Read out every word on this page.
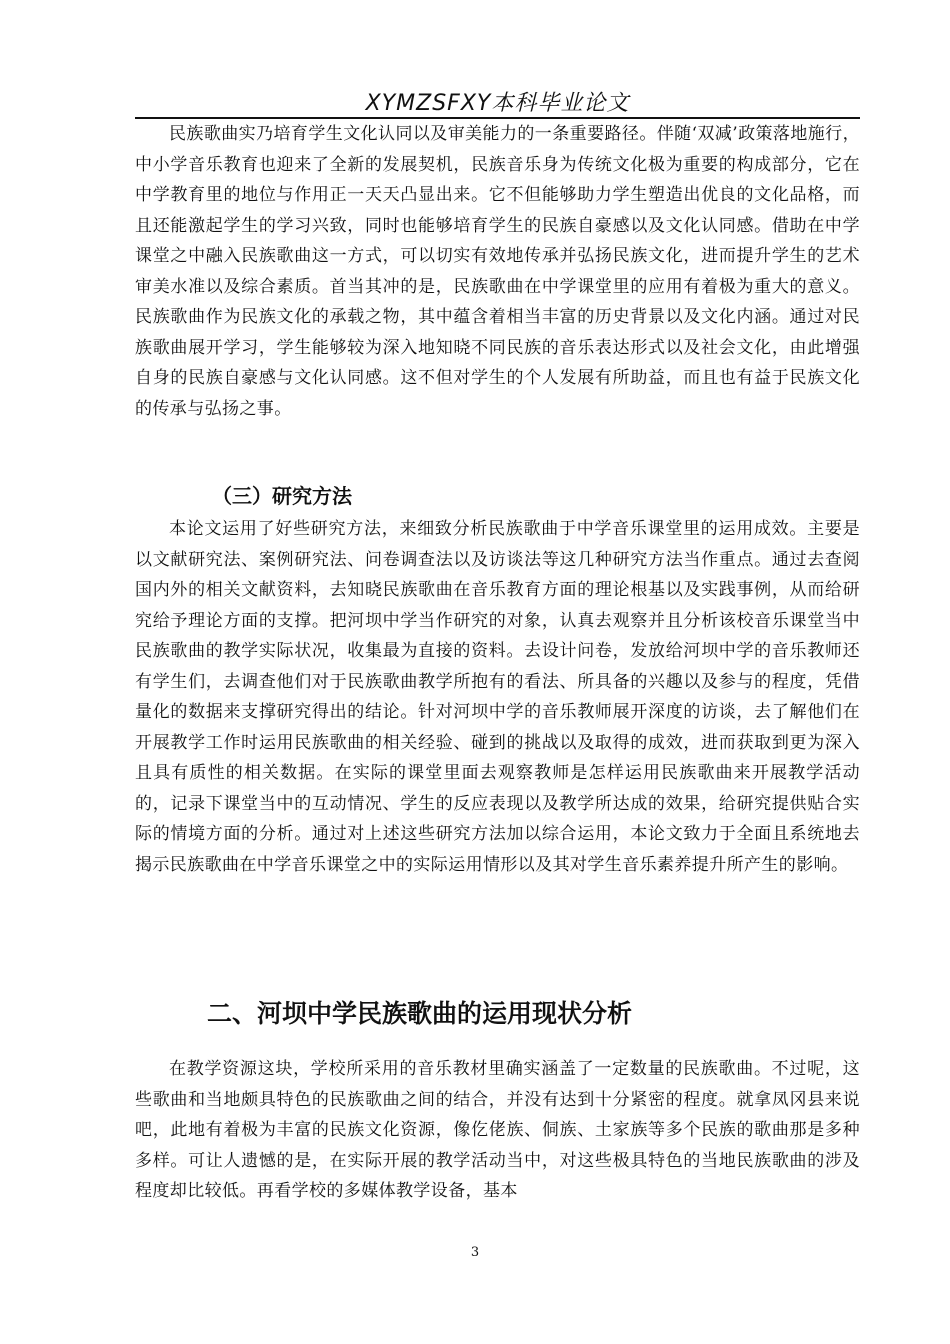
XYMZSFXY本科毕业论文

民族歌曲实乃培育学生文化认同以及审美能力的一条重要路径。伴随‘双减’政策落地施行，中小学音乐教育也迎来了全新的发展契机，民族音乐身为传统文化极为重要的构成部分，它在中学教育里的地位与作用正一天天凸显出来。它不但能够助力学生塑造出优良的文化品格，而且还能激起学生的学习兴致，同时也能够培育学生的民族自豪感以及文化认同感。借助在中学课堂之中融入民族歌曲这一方式，可以切实有效地传承并弘扬民族文化，进而提升学生的艺术审美水准以及综合素质。首当其冲的是，民族歌曲在中学课堂里的应用有着极为重大的意义。民族歌曲作为民族文化的承载之物，其中蕴含着相当丰富的历史背景以及文化内涵。通过对民族歌曲展开学习，学生能够较为深入地知晓不同民族的音乐表达形式以及社会文化，由此增强自身的民族自豪感与文化认同感。这不但对学生的个人发展有所助益，而且也有益于民族文化的传承与弘扬之事。

（三）研究方法

本论文运用了好些研究方法，来细致分析民族歌曲于中学音乐课堂里的运用成效。主要是以文献研究法、案例研究法、问卷调查法以及访谈法等这几种研究方法当作重点。通过去查阅国内外的相关文献资料，去知晓民族歌曲在音乐教育方面的理论根基以及实践事例，从而给研究给予理论方面的支撑。把河坝中学当作研究的对象，认真去观察并且分析该校音乐课堂当中民族歌曲的教学实际状况，收集最为直接的资料。去设计问卷，发放给河坝中学的音乐教师还有学生们，去调查他们对于民族歌曲教学所抱有的看法、所具备的兴趣以及参与的程度，凭借量化的数据来支撑研究得出的结论。针对河坝中学的音乐教师展开深度的访谈，去了解他们在开展教学工作时运用民族歌曲的相关经验、碰到的挑战以及取得的成效，进而获取到更为深入且具有质性的相关数据。在实际的课堂里面去观察教师是怎样运用民族歌曲来开展教学活动的，记录下课堂当中的互动情况、学生的反应表现以及教学所达成的效果，给研究提供贴合实际的情境方面的分析。通过对上述这些研究方法加以综合运用，本论文致力于全面且系统地去揭示民族歌曲在中学音乐课堂之中的实际运用情形以及其对学生音乐素养提升所产生的影响。

二、河坝中学民族歌曲的运用现状分析

在教学资源这块，学校所采用的音乐教材里确实涵盖了一定数量的民族歌曲。不过呢，这些歌曲和当地颇具特色的民族歌曲之间的结合，并没有达到十分紧密的程度。就拿凤冈县来说吧，此地有着极为丰富的民族文化资源，像仡佬族、侗族、土家族等多个民族的歌曲那是多种多样。可让人遗憾的是，在实际开展的教学活动当中，对这些极具特色的当地民族歌曲的涉及程度却比较低。再看学校的多媒体教学设备，基本

3
